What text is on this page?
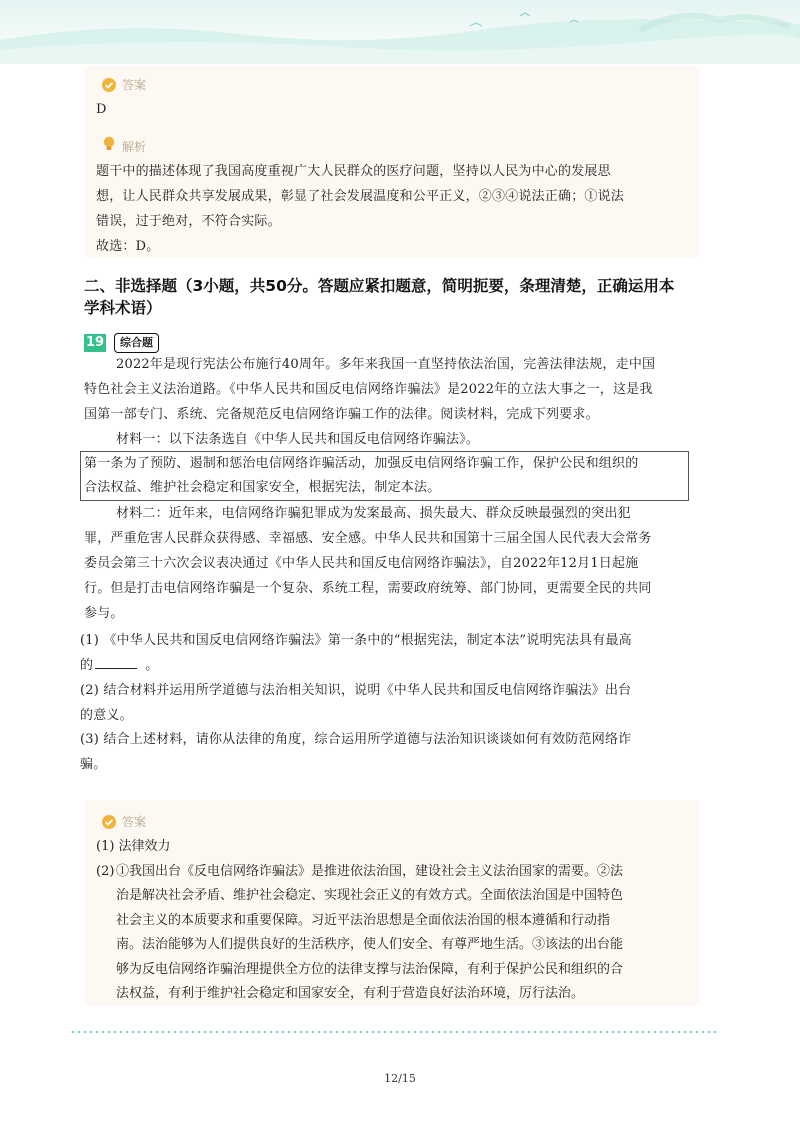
答案
D
解析
题干中的描述体现了我国高度重视广大人民群众的医疗问题，坚持以人民为中心的发展思
想，让人民群众共享发展成果，彰显了社会发展温度和公平正义，②③④说法正确；①说法
错误，过于绝对，不符合实际。
故选：D。
二、非选择题（3小题，共50分。答题应紧扣题意，简明扼要，条理清楚，正确运用本
学科术语）
19	综合题
2022年是现行宪法公布施行40周年。多年来我国一直坚持依法治国，完善法律法规，走中国
特色社会主义法治道路。《中华人民共和国反电信网络诈骗法》是2022年的立法大事之一，这是我
国第一部专门、系统、完备规范反电信网络诈骗工作的法律。阅读材料，完成下列要求。
材料一：以下法条选自《中华人民共和国反电信网络诈骗法》。
第一条为了预防、遏制和惩治电信网络诈骗活动，加强反电信网络诈骗工作，保护公民和组织的
合法权益、维护社会稳定和国家安全，根据宪法，制定本法。
材料二：近年来，电信网络诈骗犯罪成为发案最高、损失最大、群众反映最强烈的突出犯
罪，严重危害人民群众获得感、幸福感、安全感。中华人民共和国第十三届全国人民代表大会常务
委员会第三十六次会议表决通过《中华人民共和国反电信网络诈骗法》，自2022年12月1日起施
行。但是打击电信网络诈骗是一个复杂、系统工程，需要政府统筹、部门协同，更需要全民的共同
参与。
(1) 《中华人民共和国反电信网络诈骗法》第一条中的“根据宪法，制定本法”说明宪法具有最高
的	。
(2) 结合材料并运用所学道德与法治相关知识，说明《中华人民共和国反电信网络诈骗法》出台
的意义。
(3) 结合上述材料，请你从法律的角度，综合运用所学道德与法治知识谈谈如何有效防范网络诈
骗。
答案
(1) 法律效力
(2) ①我国出台《反电信网络诈骗法》是推进依法治国，建设社会主义法治国家的需要。②法
治是解决社会矛盾、维护社会稳定、实现社会正义的有效方式。全面依法治国是中国特色
社会主义的本质要求和重要保障。习近平法治思想是全面依法治国的根本遵循和行动指
南。法治能够为人们提供良好的生活秩序，使人们安全、有尊严地生活。③该法的出台能
够为反电信网络诈骗治理提供全方位的法律支撑与法治保障，有利于保护公民和组织的合
法权益，有利于维护社会稳定和国家安全，有利于营造良好法治环境，厉行法治。
12/15
